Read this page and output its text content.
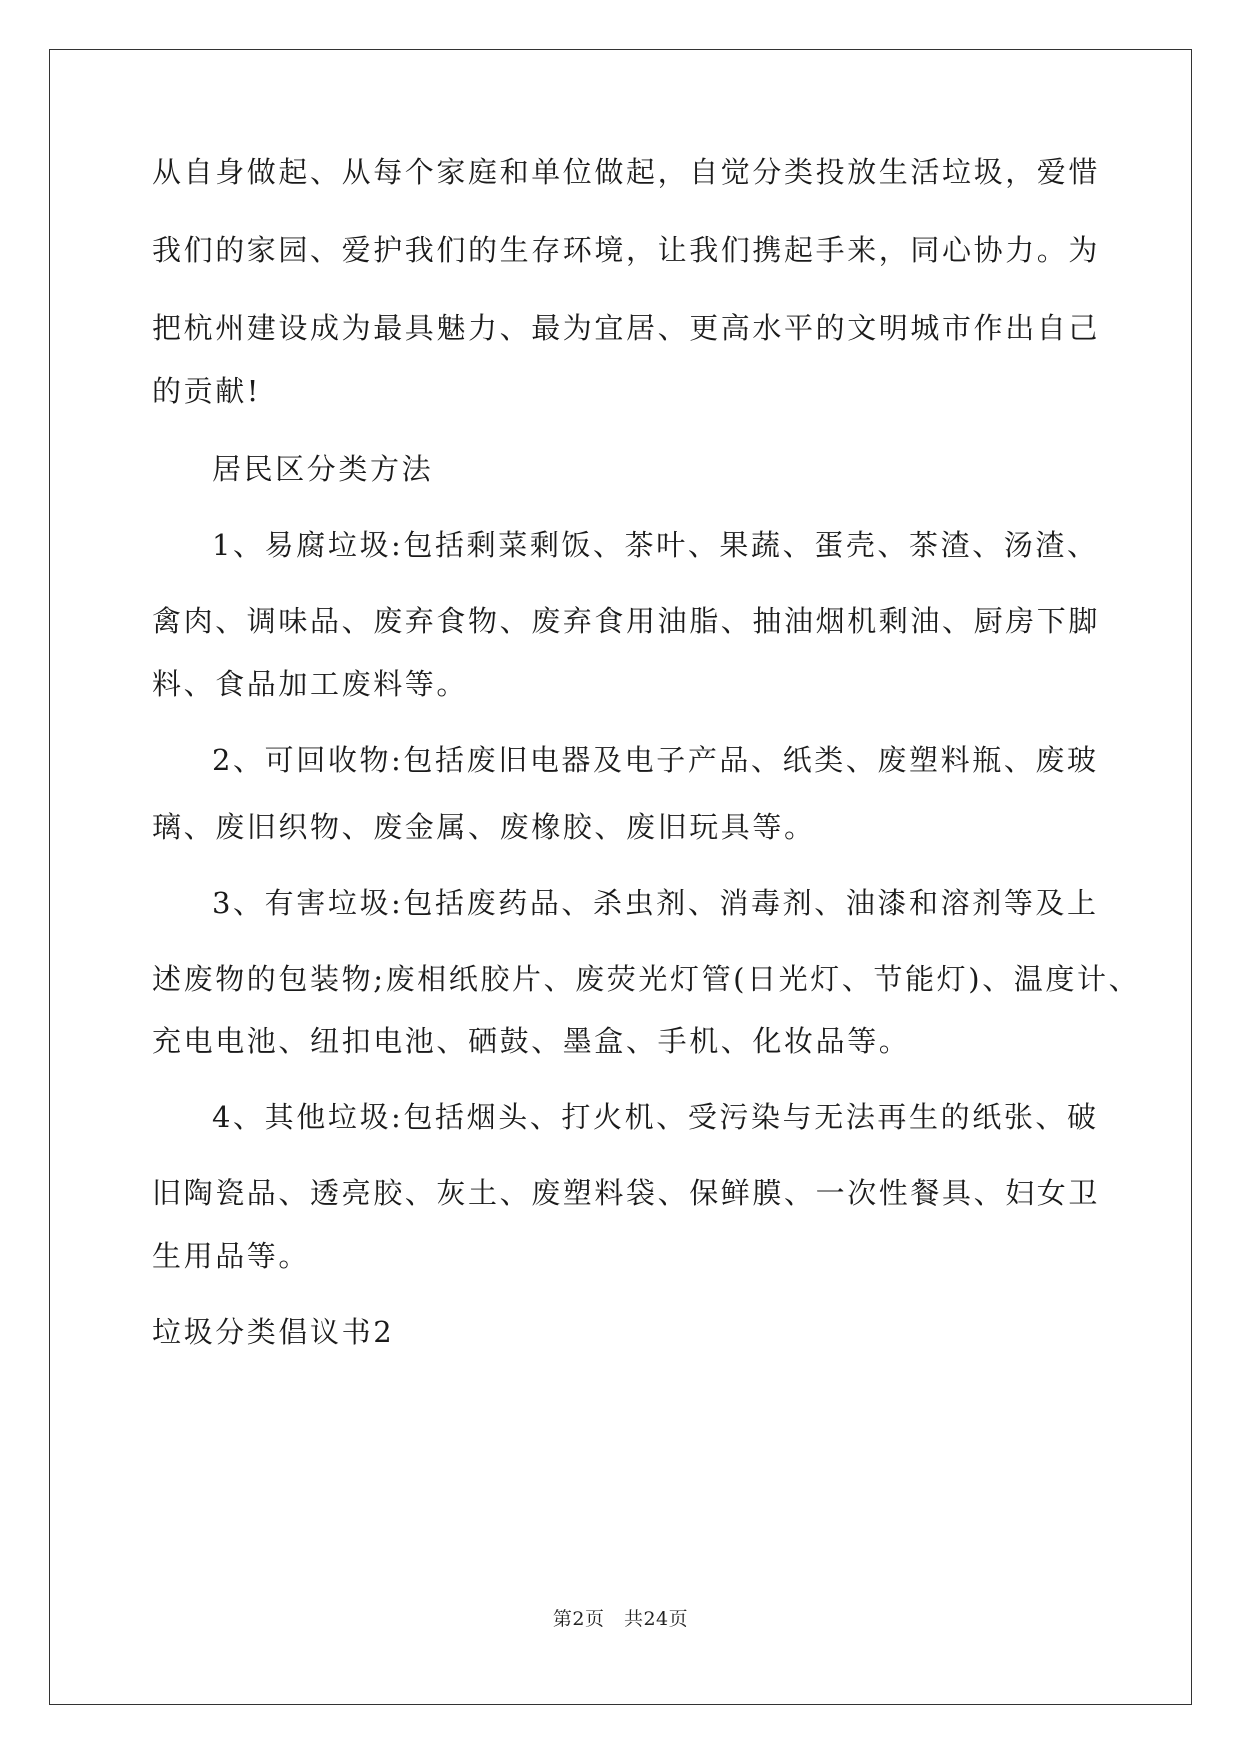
从自身做起、从每个家庭和单位做起，自觉分类投放生活垃圾，爱惜
我们的家园、爱护我们的生存环境，让我们携起手来，同心协力。为
把杭州建设成为最具魅力、最为宜居、更高水平的文明城市作出自己
的贡献!
居民区分类方法
1、易腐垃圾:包括剩菜剩饭、茶叶、果蔬、蛋壳、茶渣、汤渣、
禽肉、调味品、废弃食物、废弃食用油脂、抽油烟机剩油、厨房下脚
料、食品加工废料等。
2、可回收物:包括废旧电器及电子产品、纸类、废塑料瓶、废玻
璃、废旧织物、废金属、废橡胶、废旧玩具等。
3、有害垃圾:包括废药品、杀虫剂、消毒剂、油漆和溶剂等及上
述废物的包装物;废相纸胶片、废荧光灯管(日光灯、节能灯)、温度计、
充电电池、纽扣电池、硒鼓、墨盒、手机、化妆品等。
4、其他垃圾:包括烟头、打火机、受污染与无法再生的纸张、破
旧陶瓷品、透亮胶、灰土、废塑料袋、保鲜膜、一次性餐具、妇女卫
生用品等。
垃圾分类倡议书2
第2页　共24页
